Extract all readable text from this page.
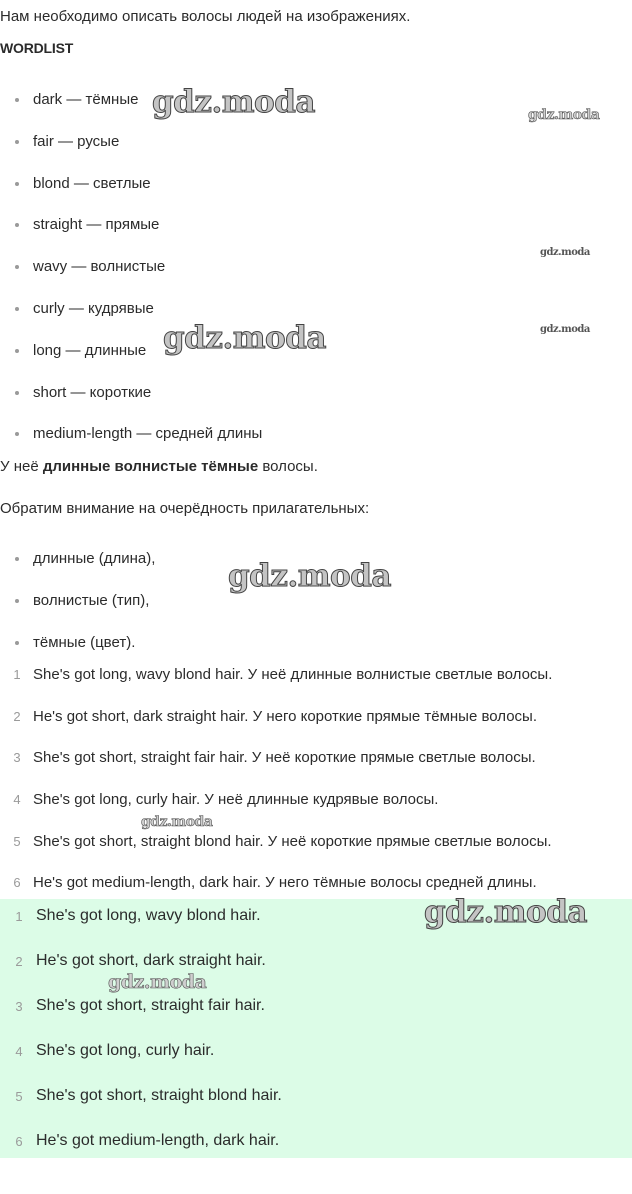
Нам необходимо описать волосы людей на изображениях.

WORDLIST

dark — тёмные
fair — русые
blond — светлые
straight — прямые
wavy — волнистые
curly — кудрявые
long — длинные
short — короткие
medium-length — средней длины

У неё длинные волнистые тёмные волосы.

Обратим внимание на очерёдность прилагательных:

длинные (длина),
волнистые (тип),
тёмные (цвет).
1 She's got long, wavy blond hair. У неё длинные волнистые светлые волосы.
2 He's got short, dark straight hair. У него короткие прямые тёмные волосы.
3 She's got short, straight fair hair. У неё короткие прямые светлые волосы.
4 She's got long, curly hair. У неё длинные кудрявые волосы.
5 She's got short, straight blond hair. У неё короткие прямые светлые волосы.
6 He's got medium-length, dark hair. У него тёмные волосы средней длины.
1 She's got long, wavy blond hair.
2 He's got short, dark straight hair.
3 She's got short, straight fair hair.
4 She's got long, curly hair.
5 She's got short, straight blond hair.
6 He's got medium-length, dark hair.
gdz.moda	gdz.moda
gdz.moda
gdz.moda
gdz.moda
gdz.moda
gdz.moda
gdz.moda
gdz.moda
